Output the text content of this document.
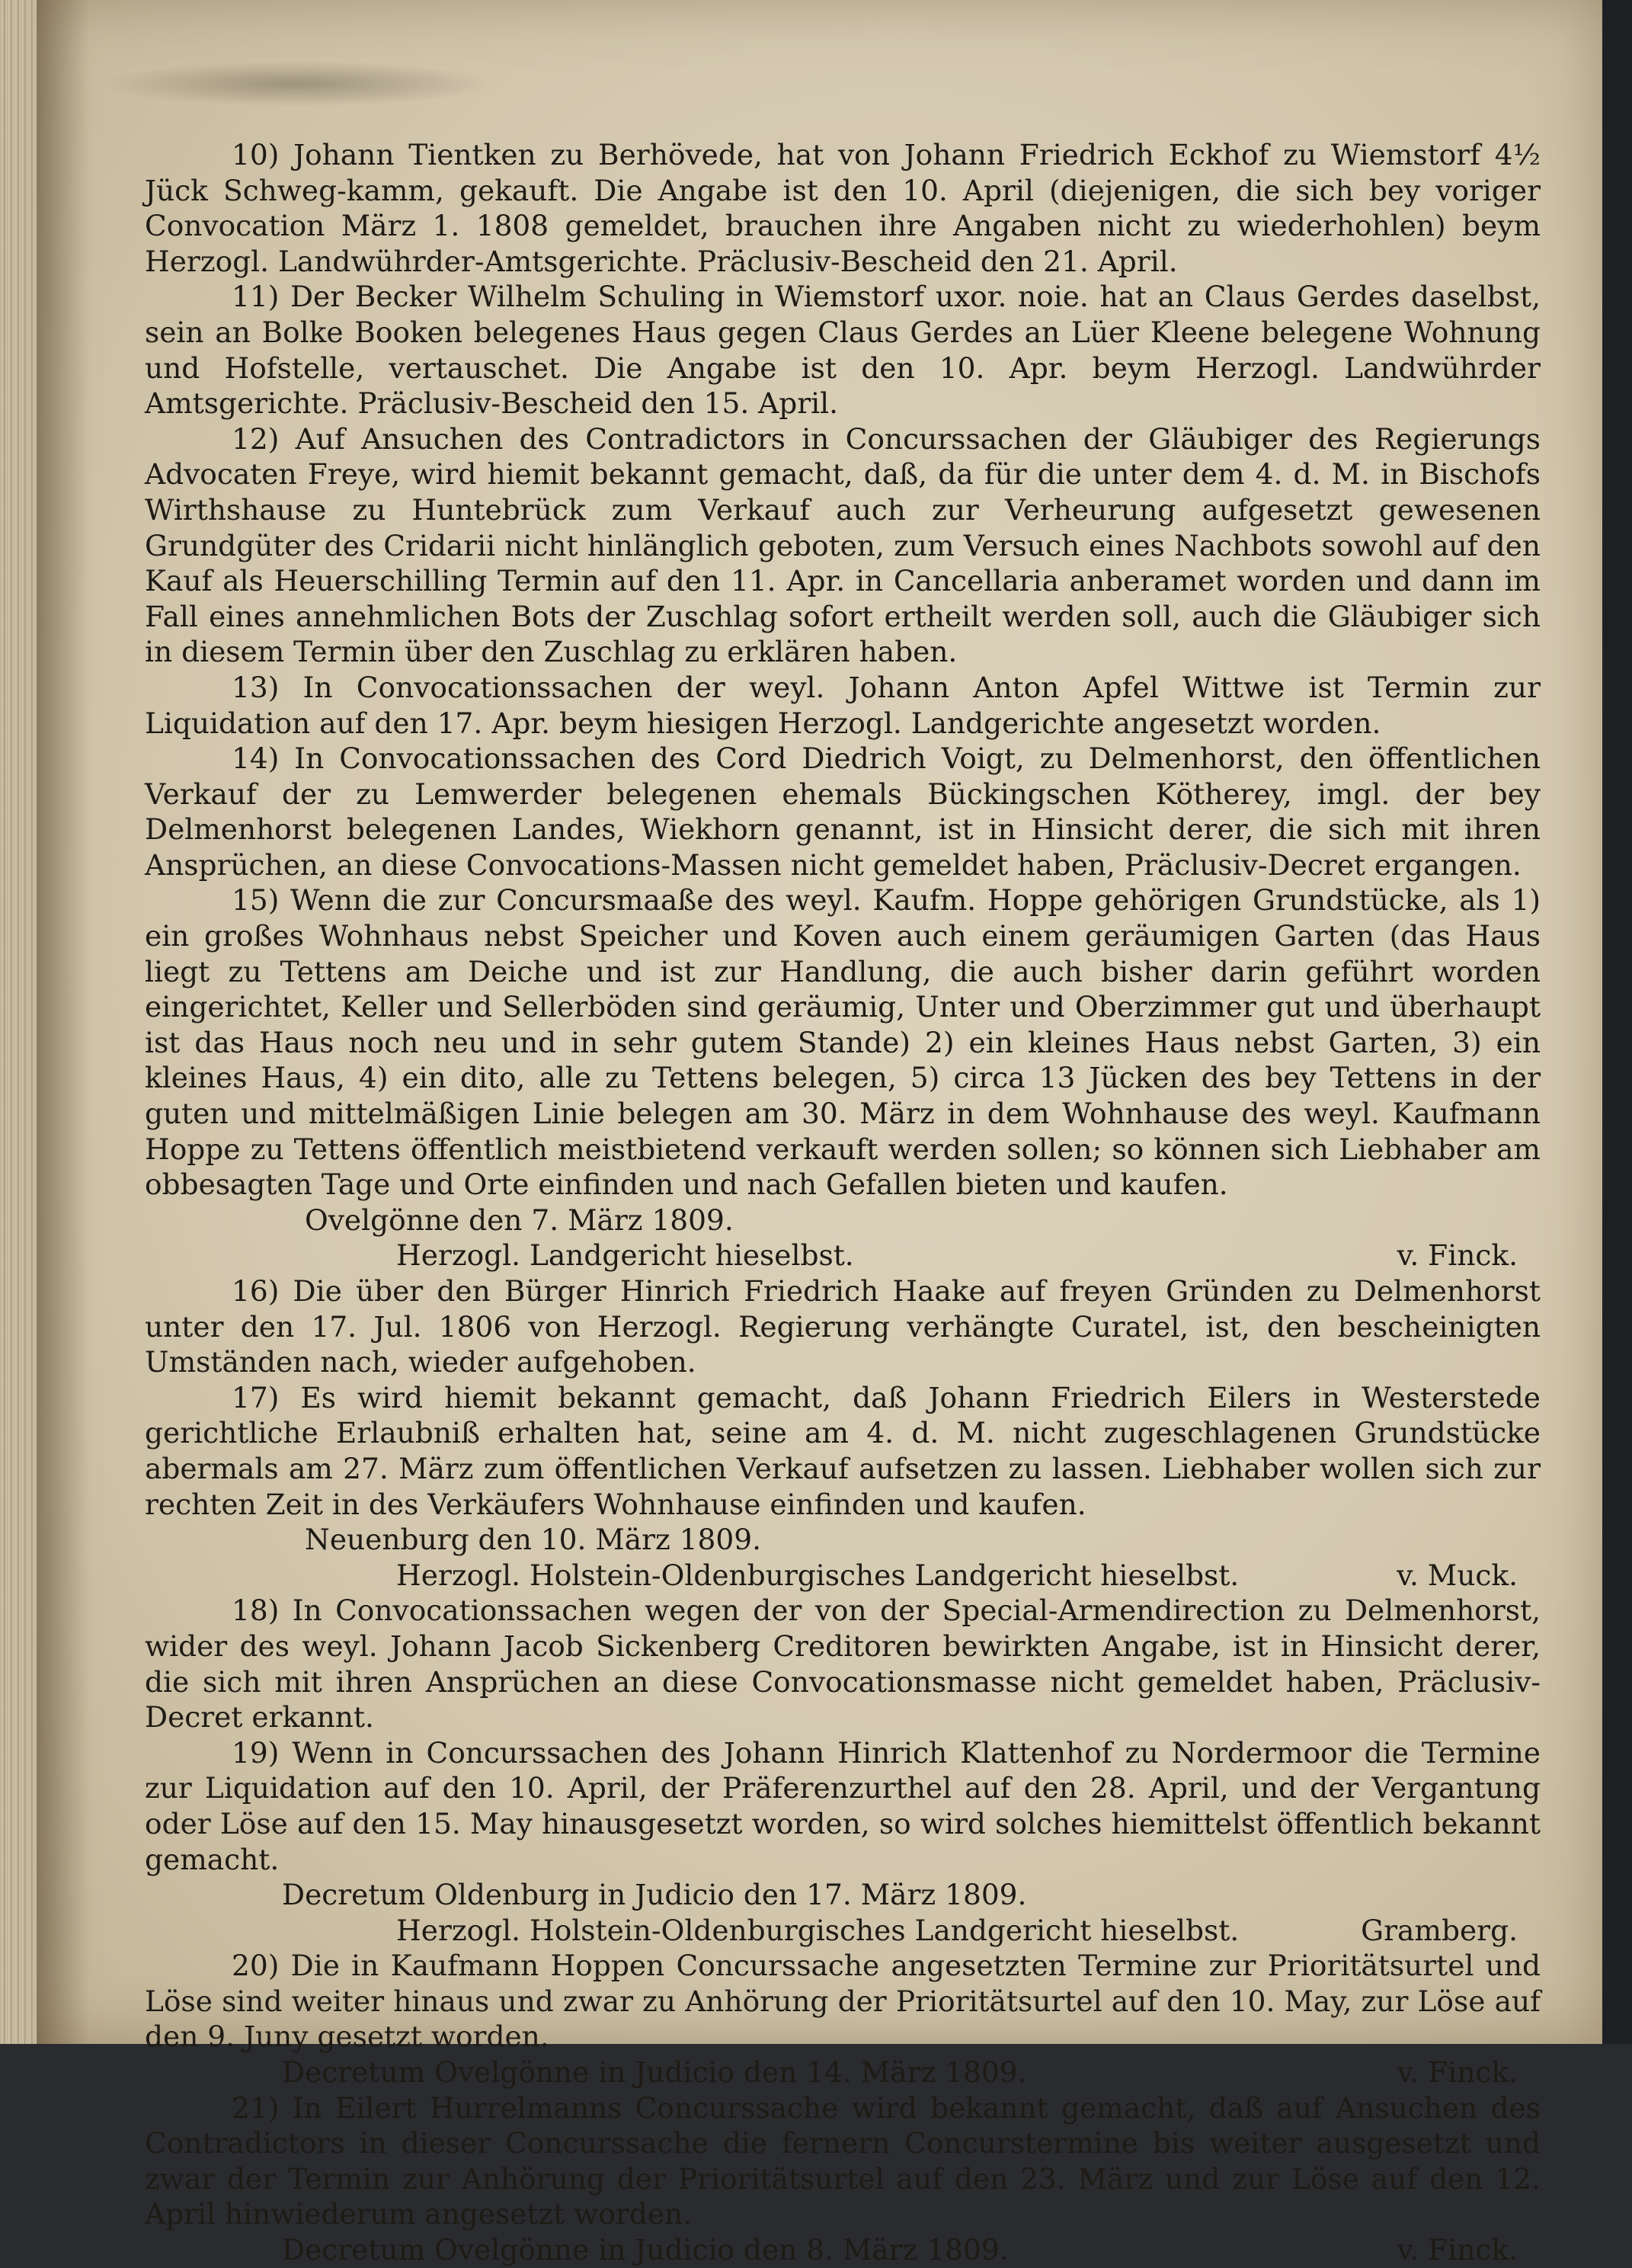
10) Johann Tientken zu Berhövede, hat von Johann Friedrich Eckhof zu Wiemstorf 4½ Jück Schweg-kamm, gekauft. Die Angabe ist den 10. April (diejenigen, die sich bey voriger Convocation März 1. 1808 gemeldet, brauchen ihre Angaben nicht zu wiederhohlen) beym Herzogl. Landwührder-Amtsgerichte. Präclusiv-Bescheid den 21. April.

11) Der Becker Wilhelm Schuling in Wiemstorf uxor. noie. hat an Claus Gerdes daselbst, sein an Bolke Booken belegenes Haus gegen Claus Gerdes an Lüer Kleene belegene Wohnung und Hofstelle, vertauschet. Die Angabe ist den 10. Apr. beym Herzogl. Landwührder Amtsgerichte. Präclusiv-Bescheid den 15. April.

12) Auf Ansuchen des Contradictors in Concurssachen der Gläubiger des Regierungs Advocaten Freye, wird hiemit bekannt gemacht, daß, da für die unter dem 4. d. M. in Bischofs Wirthshause zu Huntebrück zum Verkauf auch zur Verheurung aufgesetzt gewesenen Grundgüter des Cridarii nicht hinlänglich geboten, zum Versuch eines Nachbots sowohl auf den Kauf als Heuerschilling Termin auf den 11. Apr. in Cancellaria anberamet worden und dann im Fall eines annehmlichen Bots der Zuschlag sofort ertheilt werden soll, auch die Gläubiger sich in diesem Termin über den Zuschlag zu erklären haben.

13) In Convocationssachen der weyl. Johann Anton Apfel Wittwe ist Termin zur Liquidation auf den 17. Apr. beym hiesigen Herzogl. Landgerichte angesetzt worden.

14) In Convocationssachen des Cord Diedrich Voigt, zu Delmenhorst, den öffentlichen Verkauf der zu Lemwerder belegenen ehemals Bückingschen Kötherey, imgl. der bey Delmenhorst belegenen Landes, Wiekhorn genannt, ist in Hinsicht derer, die sich mit ihren Ansprüchen, an diese Convocations-Massen nicht gemeldet haben, Präclusiv-Decret ergangen.

15) Wenn die zur Concursmaaße des weyl. Kaufm. Hoppe gehörigen Grundstücke, als 1) ein großes Wohnhaus nebst Speicher und Koven auch einem geräumigen Garten (das Haus liegt zu Tettens am Deiche und ist zur Handlung, die auch bisher darin geführt worden eingerichtet, Keller und Sellerböden sind geräumig, Unter und Oberzimmer gut und überhaupt ist das Haus noch neu und in sehr gutem Stande) 2) ein kleines Haus nebst Garten, 3) ein kleines Haus, 4) ein dito, alle zu Tettens belegen, 5) circa 13 Jücken des bey Tettens in der guten und mittelmäßigen Linie belegen am 30. März in dem Wohnhause des weyl. Kaufmann Hoppe zu Tettens öffentlich meistbietend verkauft werden sollen; so können sich Liebhaber am obbesagten Tage und Orte einfinden und nach Gefallen bieten und kaufen.

Ovelgönne den 7. März 1809.

Herzogl. Landgericht hieselbst.	v. Finck.

16) Die über den Bürger Hinrich Friedrich Haake auf freyen Gründen zu Delmenhorst unter den 17. Jul. 1806 von Herzogl. Regierung verhängte Curatel, ist, den bescheinigten Umständen nach, wieder aufgehoben.

17) Es wird hiemit bekannt gemacht, daß Johann Friedrich Eilers in Westerstede gerichtliche Erlaubniß erhalten hat, seine am 4. d. M. nicht zugeschlagenen Grundstücke abermals am 27. März zum öffentlichen Verkauf aufsetzen zu lassen. Liebhaber wollen sich zur rechten Zeit in des Verkäufers Wohnhause einfinden und kaufen.

Neuenburg den 10. März 1809.

Herzogl. Holstein-Oldenburgisches Landgericht hieselbst.	v. Muck.

18) In Convocationssachen wegen der von der Special-Armendirection zu Delmenhorst, wider des weyl. Johann Jacob Sickenberg Creditoren bewirkten Angabe, ist in Hinsicht derer, die sich mit ihren Ansprüchen an diese Convocationsmasse nicht gemeldet haben, Präclusiv-Decret erkannt.

19) Wenn in Concurssachen des Johann Hinrich Klattenhof zu Nordermoor die Termine zur Liquidation auf den 10. April, der Präferenzurthel auf den 28. April, und der Vergantung oder Löse auf den 15. May hinausgesetzt worden, so wird solches hiemittelst öffentlich bekannt gemacht.

Decretum Oldenburg in Judicio den 17. März 1809.

Herzogl. Holstein-Oldenburgisches Landgericht hieselbst.	Gramberg.

20) Die in Kaufmann Hoppen Concurssache angesetzten Termine zur Prioritätsurtel und Löse sind weiter hinaus und zwar zu Anhörung der Prioritätsurtel auf den 10. May, zur Löse auf den 9. Juny gesetzt worden.

Decretum Ovelgönne in Judicio den 14. März 1809.	v. Finck.

21) In Eilert Hurrelmanns Concurssache wird bekannt gemacht, daß auf Ansuchen des Contradictors in dieser Concurssache die fernern Concurstermine bis weiter ausgesetzt und zwar der Termin zur Anhörung der Prioritätsurtel auf den 23. März und zur Löse auf den 12. April hinwiederum angesetzt worden.

Decretum Ovelgönne in Judicio den 8. März 1809.	v. Finck.
